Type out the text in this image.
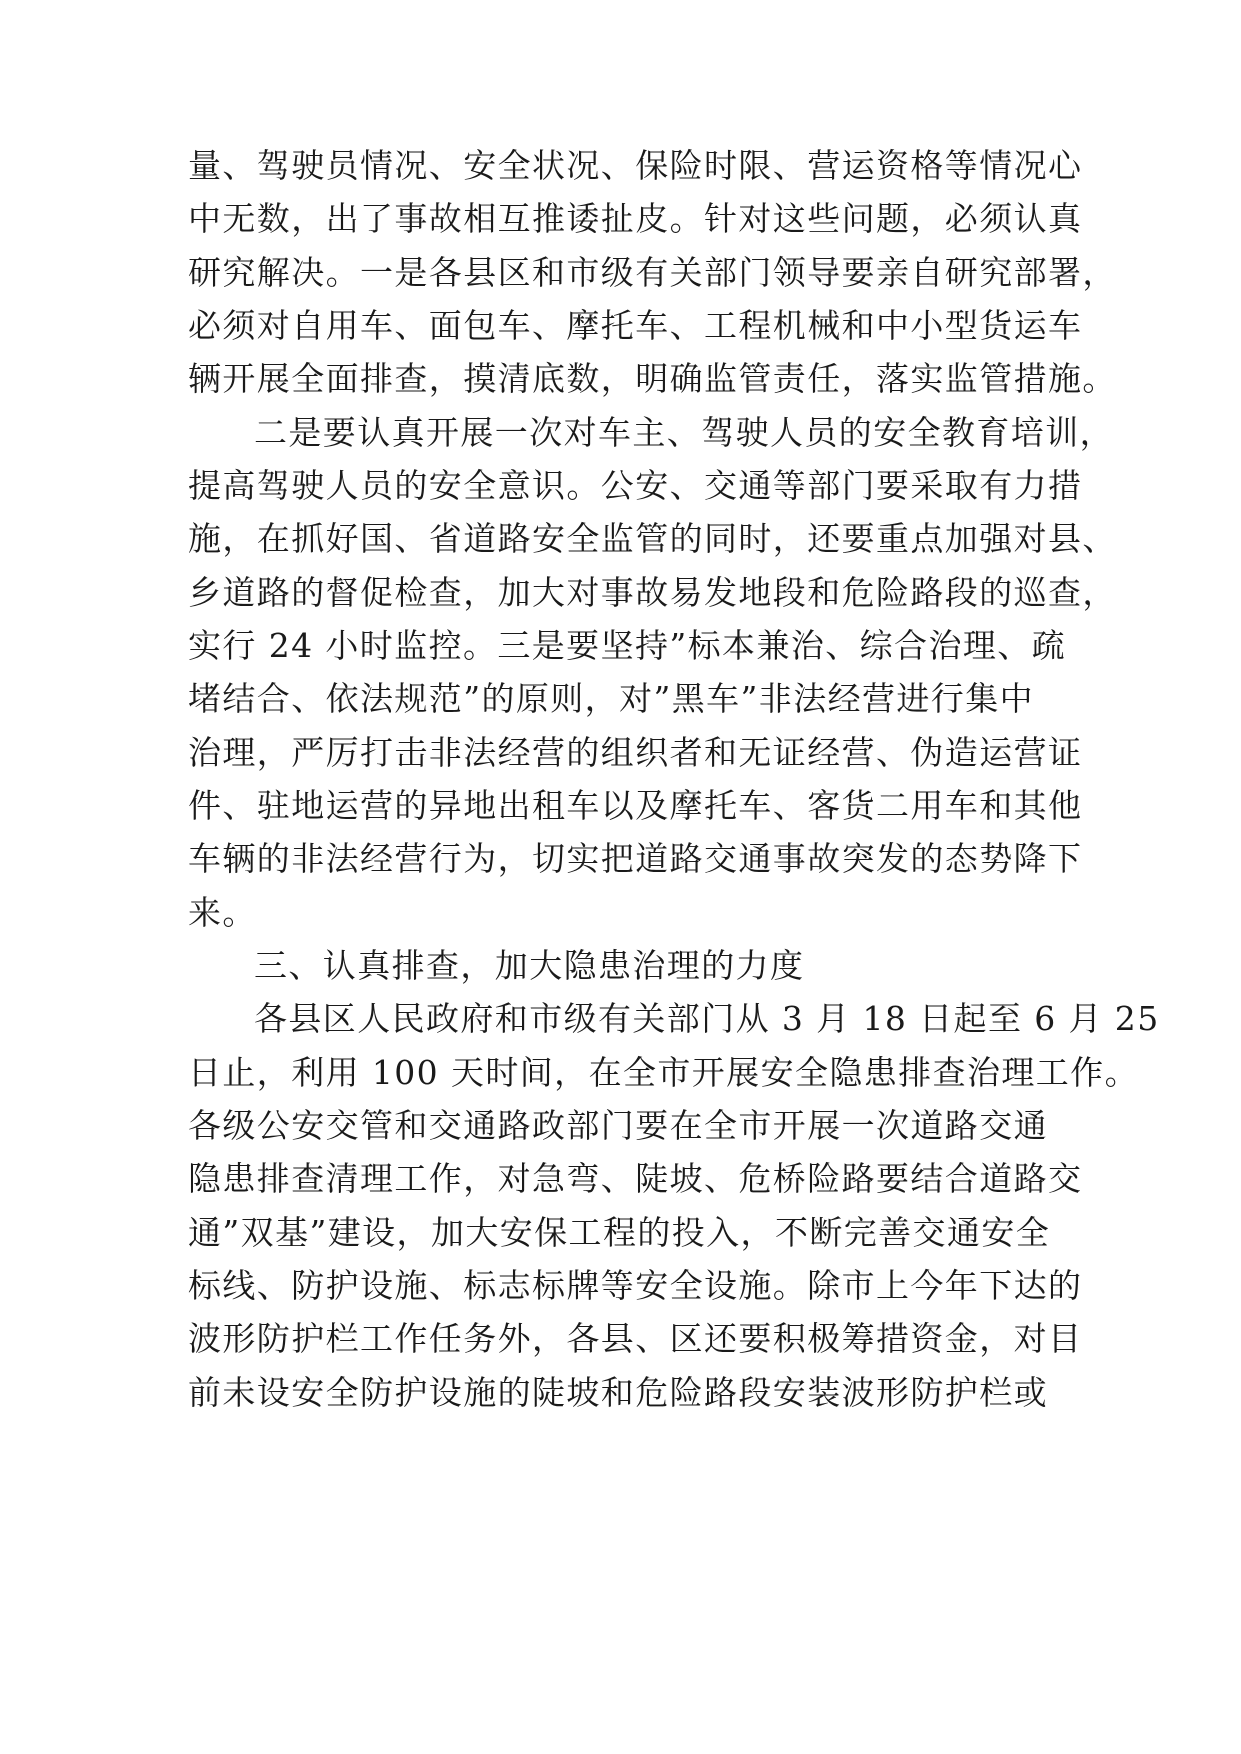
量、驾驶员情况、安全状况、保险时限、营运资格等情况心
中无数，出了事故相互推诿扯皮。针对这些问题，必须认真
研究解决。一是各县区和市级有关部门领导要亲自研究部署，
必须对自用车、面包车、摩托车、工程机械和中小型货运车
辆开展全面排查，摸清底数，明确监管责任，落实监管措施。
二是要认真开展一次对车主、驾驶人员的安全教育培训，
提高驾驶人员的安全意识。公安、交通等部门要采取有力措
施，在抓好国、省道路安全监管的同时，还要重点加强对县、
乡道路的督促检查，加大对事故易发地段和危险路段的巡查，
实行 24 小时监控。三是要坚持”标本兼治、综合治理、疏
堵结合、依法规范”的原则，对”黑车”非法经营进行集中
治理，严厉打击非法经营的组织者和无证经营、伪造运营证
件、驻地运营的异地出租车以及摩托车、客货二用车和其他
车辆的非法经营行为，切实把道路交通事故突发的态势降下
来。
三、认真排查，加大隐患治理的力度
各县区人民政府和市级有关部门从 3 月 18 日起至 6 月 25
日止，利用 100 天时间，在全市开展安全隐患排查治理工作。
各级公安交管和交通路政部门要在全市开展一次道路交通
隐患排查清理工作，对急弯、陡坡、危桥险路要结合道路交
通”双基”建设，加大安保工程的投入，不断完善交通安全
标线、防护设施、标志标牌等安全设施。除市上今年下达的
波形防护栏工作任务外，各县、区还要积极筹措资金，对目
前未设安全防护设施的陡坡和危险路段安装波形防护栏或
